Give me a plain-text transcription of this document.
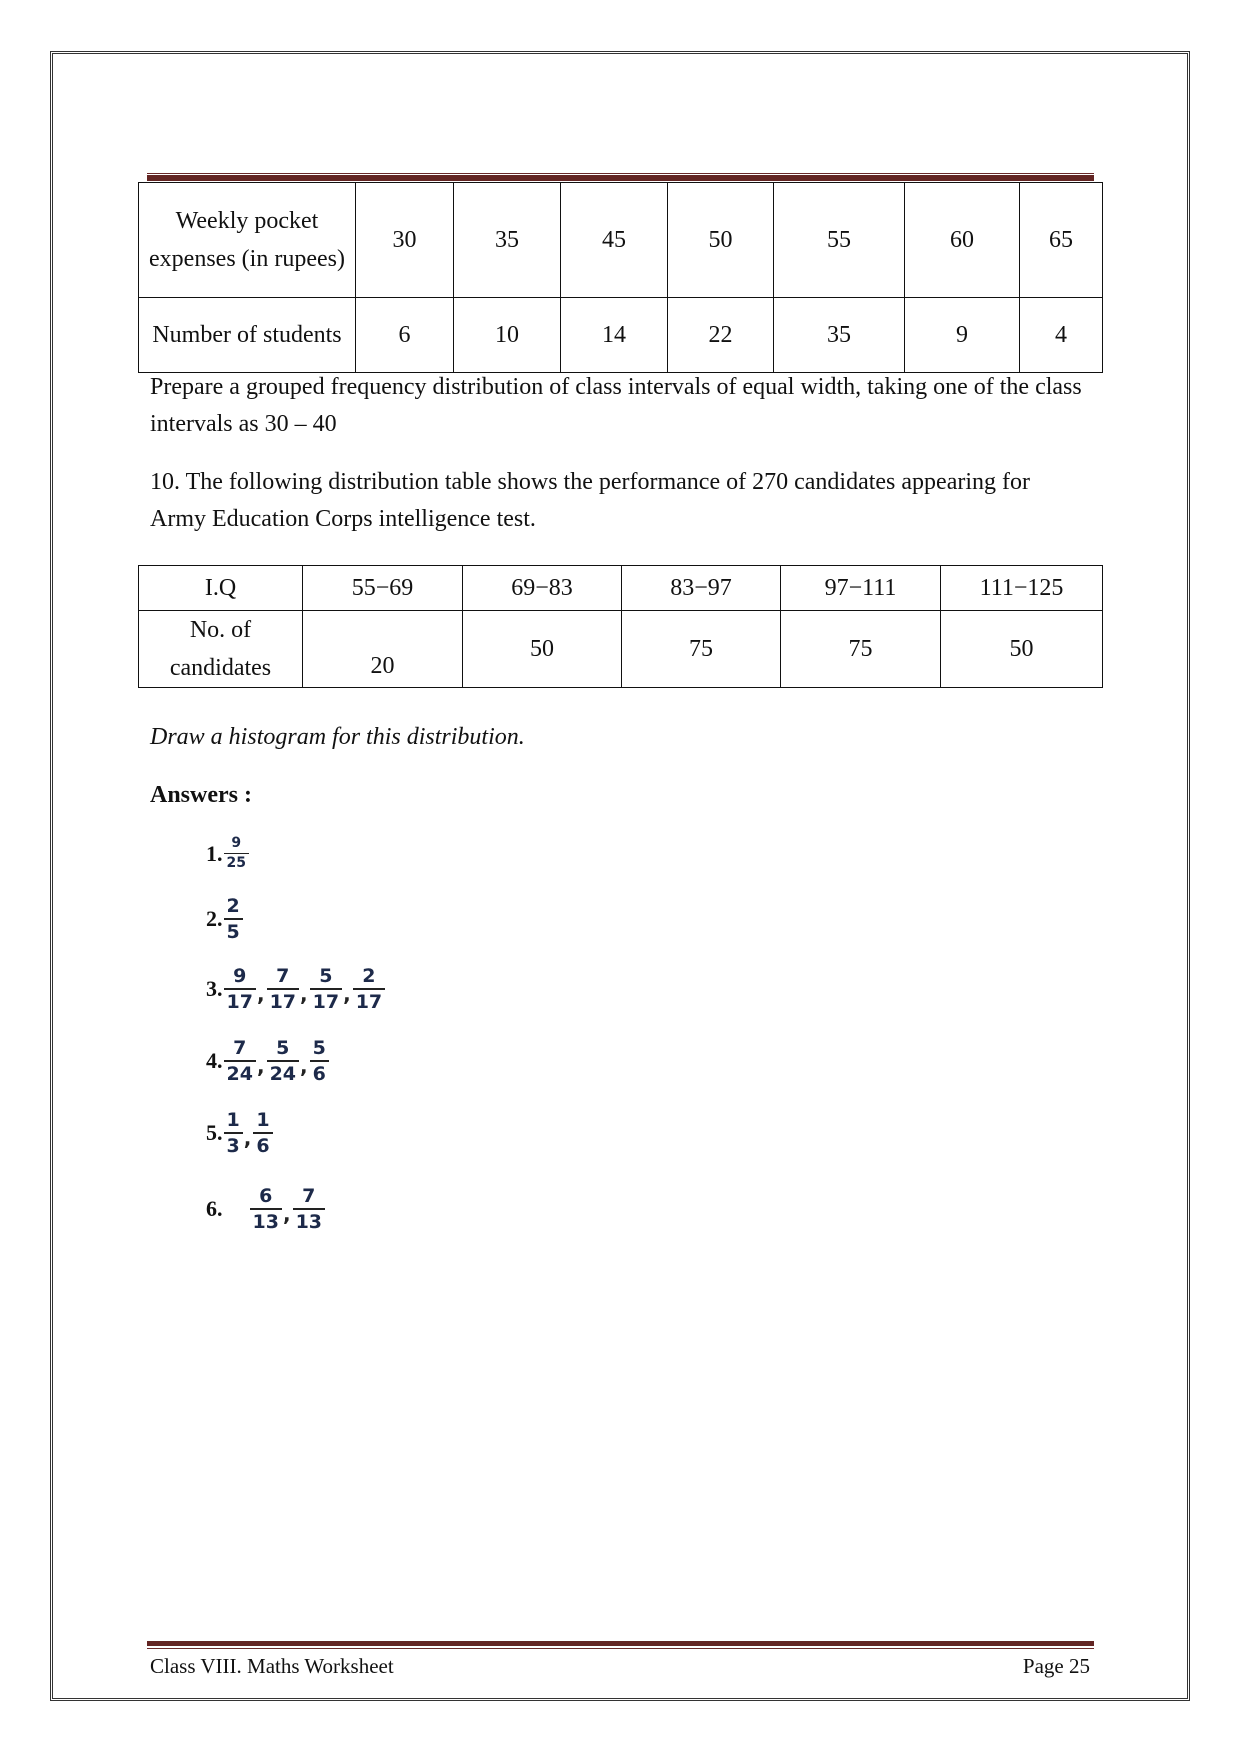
Weekly pocket expenses (in rupees)	30	35	45	50	55	60	65
Number of students	6	10	14	22	35	9	4

Prepare a grouped frequency distribution of class intervals of equal width, taking one of the class intervals as 30 – 40

10. The following distribution table shows the performance of 270 candidates appearing for Army Education Corps intelligence test.

I.Q	55−69	69−83	83−97	97−111	111−125
No. of candidates	20	50	75	75	50

Draw a histogram for this distribution.

Answers :

1. $\frac{9}{25}$
2. $\frac{2}{5}$
3. $\frac{9}{17}$ , $\frac{7}{17}$ , $\frac{5}{17}$ , $\frac{2}{17}$
4. $\frac{7}{24}$ , $\frac{5}{24}$ , $\frac{5}{6}$
5. $\frac{1}{3}$ , $\frac{1}{6}$
6. $\frac{6}{13}$ , $\frac{7}{13}$
Class VIII. Maths Worksheet	Page 25
